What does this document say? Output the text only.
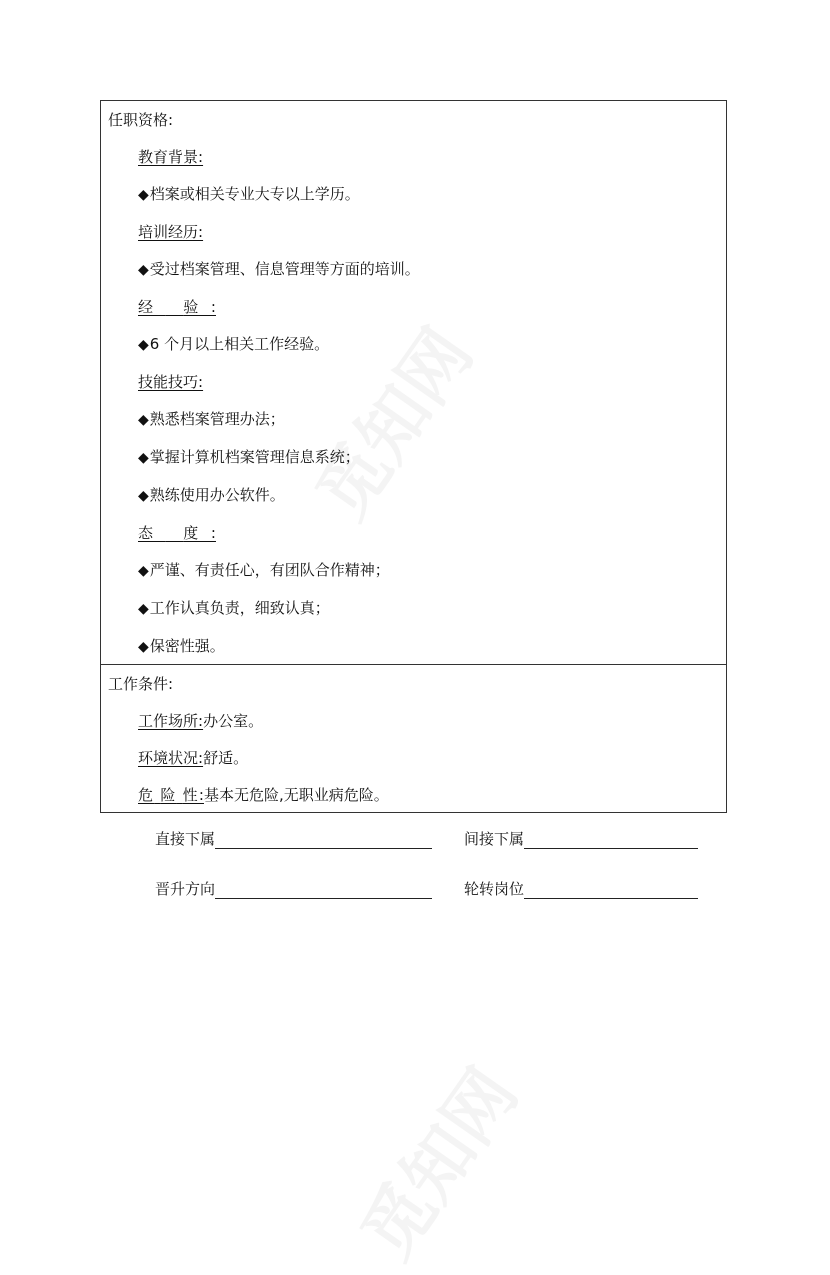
任职资格:
教育背景:
◆档案或相关专业大专以上学历。
培训经历:
◆受过档案管理、信息管理等方面的培训。
经 验:
◆6 个月以上相关工作经验。
技能技巧:
◆熟悉档案管理办法；
◆掌握计算机档案管理信息系统；
◆熟练使用办公软件。
态 度:
◆严谨、有责任心，有团队合作精神；
◆工作认真负责，细致认真；
◆保密性强。
工作条件:
工作场所:办公室。
环境状况:舒适。
危 险 性:基本无危险,无职业病危险。
直接下属	间接下属
晋升方向	轮转岗位
